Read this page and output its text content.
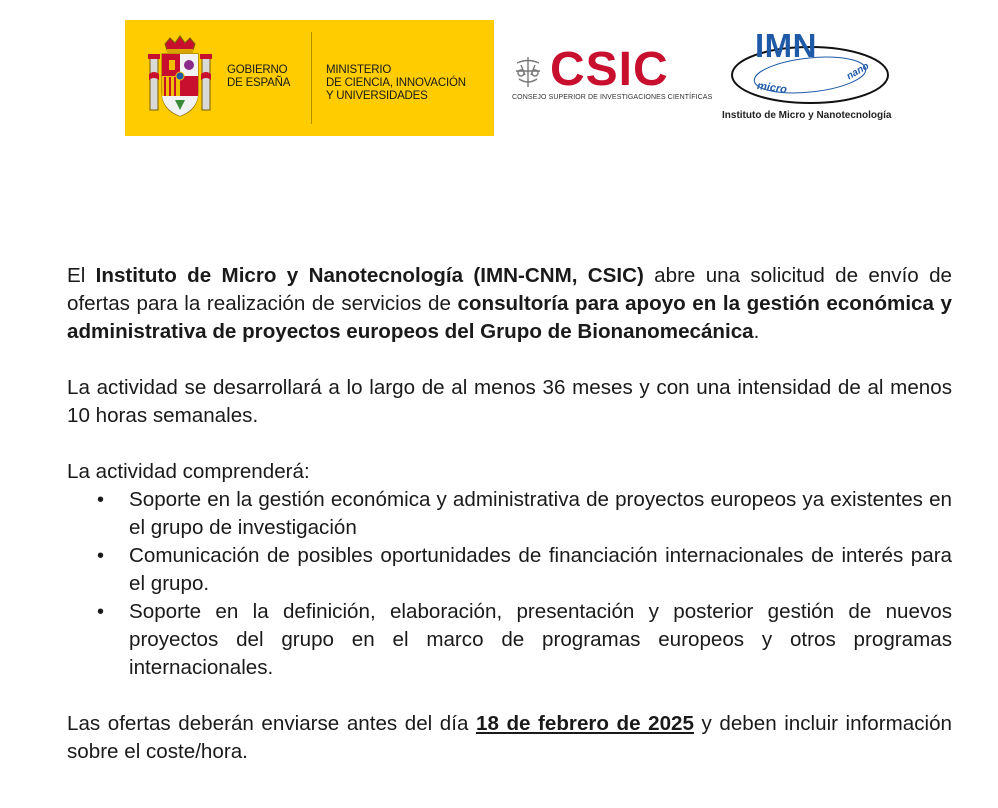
GOBIERNO
DE ESPAÑA
MINISTERIO
DE CIENCIA, INNOVACIÓN
Y UNIVERSIDADES	CSIC
CONSEJO SUPERIOR DE INVESTIGACIONES CIENTÍFICAS
IMN
micro
nano
Instituto de Micro y Nanotecnología

El Instituto de Micro y Nanotecnología (IMN-CNM, CSIC) abre una solicitud de envío de ofertas para la realización de servicios de consultoría para apoyo en la gestión económica y administrativa de proyectos europeos del Grupo de Bionanomecánica.

La actividad se desarrollará a lo largo de al menos 36 meses y con una intensidad de al menos 10 horas semanales.

La actividad comprenderá:

• Soporte en la gestión económica y administrativa de proyectos europeos ya existentes en el grupo de investigación
• Comunicación de posibles oportunidades de financiación internacionales de interés para el grupo.
• Soporte en la definición, elaboración, presentación y posterior gestión de nuevos proyectos del grupo en el marco de programas europeos y otros programas internacionales.

Las ofertas deberán enviarse antes del día 18 de febrero de 2025 y deben incluir información sobre el coste/hora.
